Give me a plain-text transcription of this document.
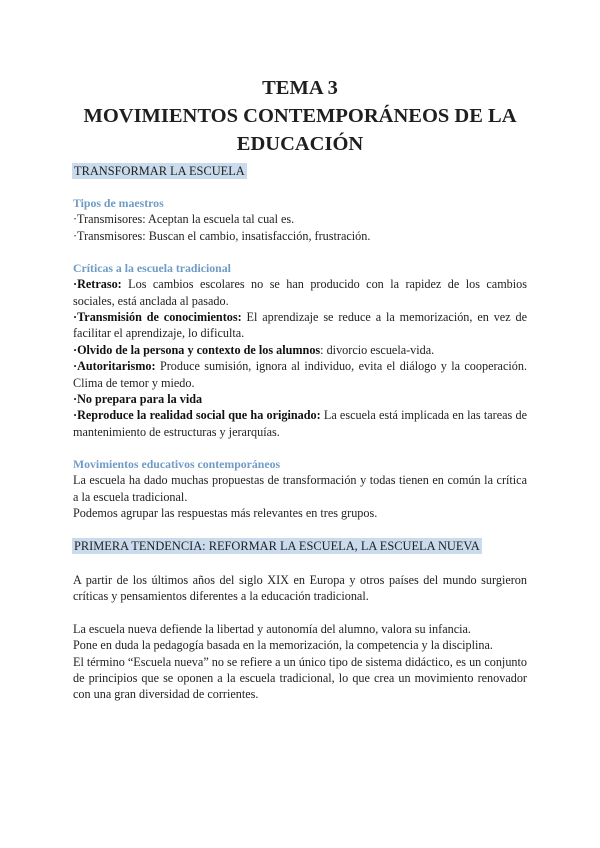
TEMA 3
MOVIMIENTOS CONTEMPORÁNEOS DE LA
EDUCACIÓN
TRANSFORMAR LA ESCUELA
Tipos de maestros

·Transmisores: Aceptan la escuela tal cual es.

·Transmisores: Buscan el cambio, insatisfacción, frustración.

Críticas a la escuela tradicional

·Retraso: Los cambios escolares no se han producido con la rapidez de los cambios sociales, está anclada al pasado.

·Transmisión de conocimientos: El aprendizaje se reduce a la memorización, en vez de facilitar el aprendizaje, lo dificulta.

·Olvido de la persona y contexto de los alumnos: divorcio escuela-vida.

·Autoritarismo: Produce sumisión, ignora al individuo, evita el diálogo y la cooperación. Clima de temor y miedo.

·No prepara para la vida

·Reproduce la realidad social que ha originado: La escuela está implicada en las tareas de mantenimiento de estructuras y jerarquías.

Movimientos educativos contemporáneos

La escuela ha dado muchas propuestas de transformación y todas tienen en común la crítica a la escuela tradicional.

Podemos agrupar las respuestas más relevantes en tres grupos.

PRIMERA TENDENCIA: REFORMAR LA ESCUELA, LA ESCUELA NUEVA

A partir de los últimos años del siglo XIX en Europa y otros países del mundo surgieron críticas y pensamientos diferentes a la educación tradicional.

La escuela nueva defiende la libertad y autonomía del alumno, valora su infancia.

Pone en duda la pedagogía basada en la memorización, la competencia y la disciplina.

El término “Escuela nueva” no se refiere a un único tipo de sistema didáctico, es un conjunto de principios que se oponen a la escuela tradicional, lo que crea un movimiento renovador con una gran diversidad de corrientes.
